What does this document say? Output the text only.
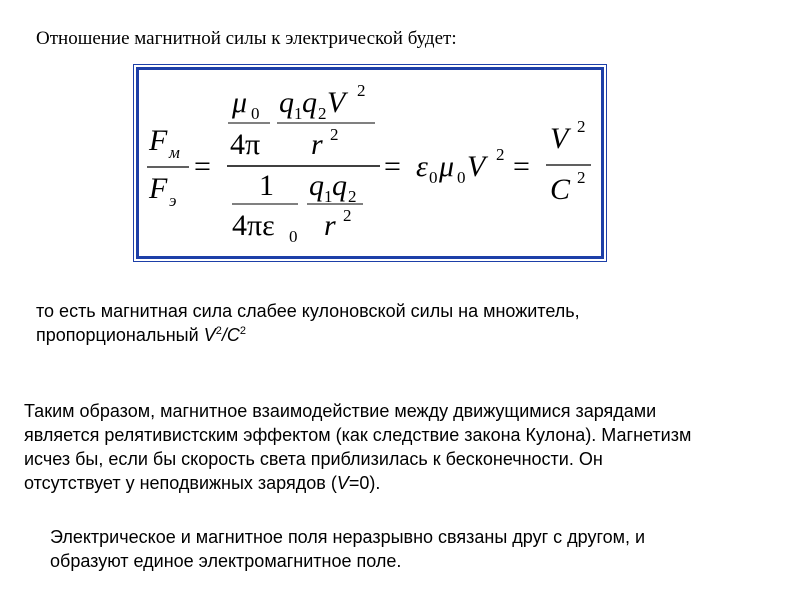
Отношение магнитной силы к электрической будет:
F м
F э
=
μ 0
4π
q 1 q 2 V 2
r 2
1
4πε 0
q 1 q 2
r 2
= ε 0 μ 0 V 2 =
V 2
C 2

то есть магнитная сила слабее кулоновской силы на множитель,
пропорциональный $V^2/C^2$

Таким образом, магнитное взаимодействие между движущимися зарядами
является релятивистским эффектом (как следствие закона Кулона). Магнетизм
исчез бы, если бы скорость света приблизилась к бесконечности. Он
отсутствует у неподвижных зарядов (V=0).

Электрическое и магнитное поля неразрывно связаны друг с другом, и
образуют единое электромагнитное поле.
